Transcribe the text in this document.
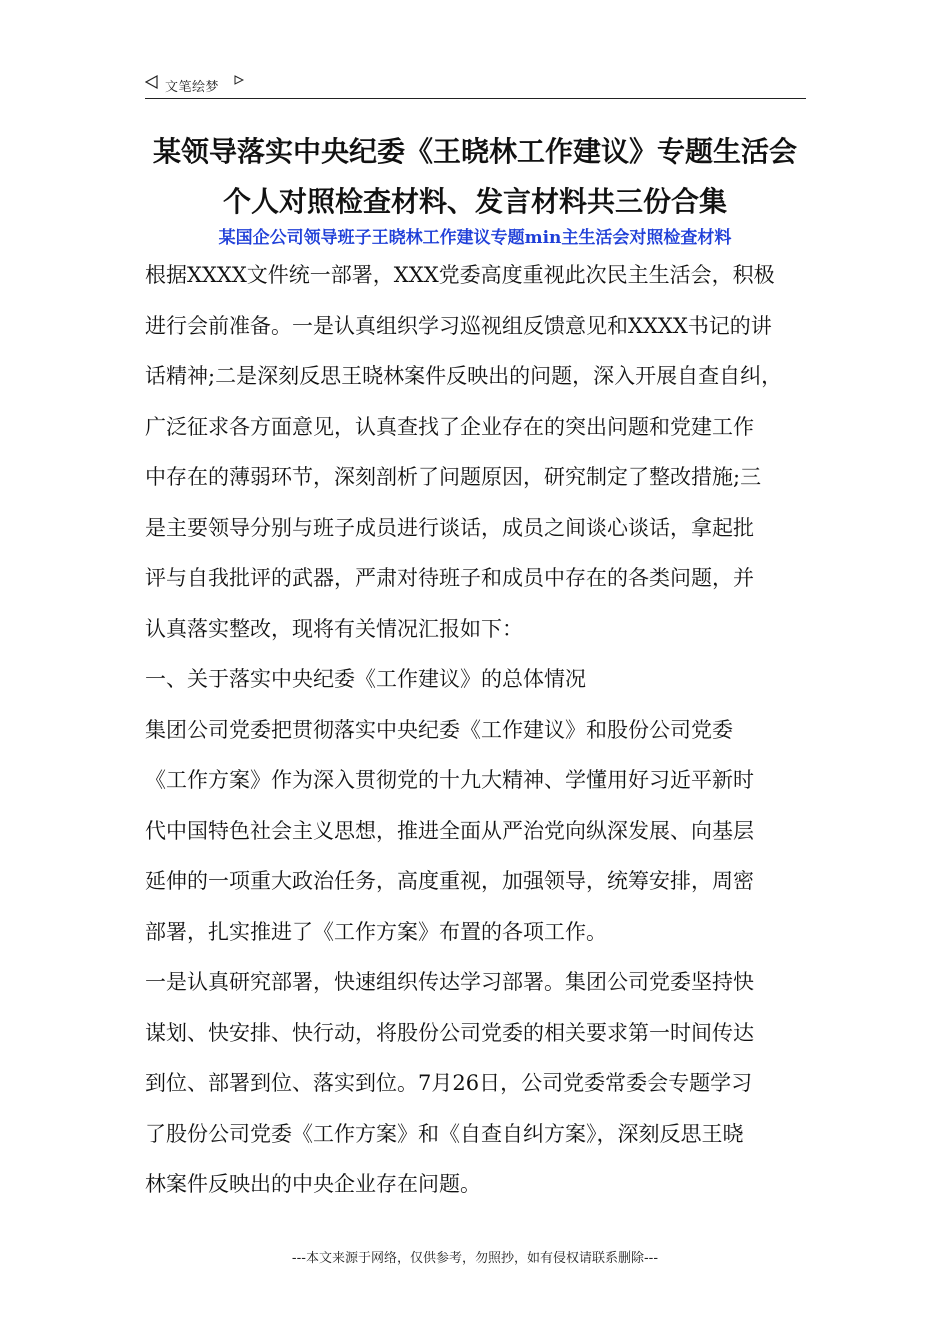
文笔绘梦
某领导落实中央纪委《王晓林工作建议》专题生活会
个人对照检查材料、发言材料共三份合集
某国企公司领导班子王晓林工作建议专题min主生活会对照检查材料
根据XXXX文件统一部署，XXX党委高度重视此次民主生活会，积极
进行会前准备。一是认真组织学习巡视组反馈意见和XXXX书记的讲
话精神;二是深刻反思王晓林案件反映出的问题，深入开展自查自纠，
广泛征求各方面意见，认真查找了企业存在的突出问题和党建工作
中存在的薄弱环节，深刻剖析了问题原因，研究制定了整改措施;三
是主要领导分别与班子成员进行谈话，成员之间谈心谈话，拿起批
评与自我批评的武器，严肃对待班子和成员中存在的各类问题，并
认真落实整改，现将有关情况汇报如下：
一、关于落实中央纪委《工作建议》的总体情况
集团公司党委把贯彻落实中央纪委《工作建议》和股份公司党委
《工作方案》作为深入贯彻党的十九大精神、学懂用好习近平新时
代中国特色社会主义思想，推进全面从严治党向纵深发展、向基层
延伸的一项重大政治任务，高度重视，加强领导，统筹安排，周密
部署，扎实推进了《工作方案》布置的各项工作。
一是认真研究部署，快速组织传达学习部署。集团公司党委坚持快
谋划、快安排、快行动，将股份公司党委的相关要求第一时间传达
到位、部署到位、落实到位。7月26日，公司党委常委会专题学习
了股份公司党委《工作方案》和《自查自纠方案》，深刻反思王晓
林案件反映出的中央企业存在问题。
---本文来源于网络，仅供参考，勿照抄，如有侵权请联系删除---
